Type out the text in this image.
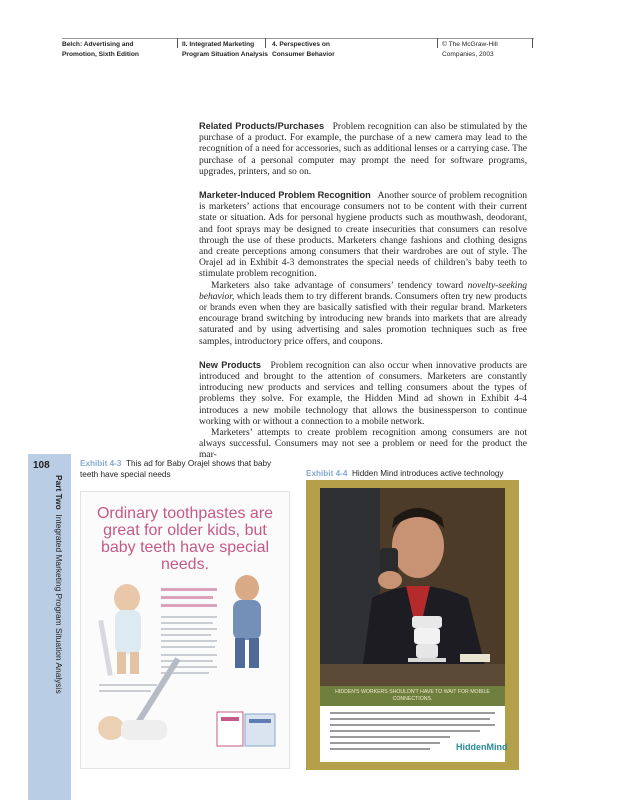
Belch: Advertising and
Promotion, Sixth Edition
II. Integrated Marketing
Program Situation Analysis
4. Perspectives on
Consumer Behavior
© The McGraw-Hill
Companies, 2003

Related Products/Purchases Problem recognition can also be stimulated by the purchase of a product. For example, the purchase of a new camera may lead to the recognition of a need for accessories, such as additional lenses or a carrying case. The purchase of a personal computer may prompt the need for software programs, upgrades, printers, and so on.

Marketer-Induced Problem Recognition Another source of problem recognition is marketers’ actions that encourage consumers not to be content with their current state or situation. Ads for personal hygiene products such as mouthwash, deodorant, and foot sprays may be designed to create insecurities that consumers can resolve through the use of these products. Marketers change fashions and clothing designs and create perceptions among consumers that their wardrobes are out of style. The Orajel ad in Exhibit 4-3 demonstrates the special needs of children’s baby teeth to stimulate problem recognition.

Marketers also take advantage of consumers’ tendency toward novelty-seeking behavior, which leads them to try different brands. Consumers often try new products or brands even when they are basically satisfied with their regular brand. Marketers encourage brand switching by introducing new brands into markets that are already saturated and by using advertising and sales promotion techniques such as free samples, introductory price offers, and coupons.

New Products Problem recognition can also occur when innovative products are introduced and brought to the attention of consumers. Marketers are constantly introducing new products and services and telling consumers about the types of problems they solve. For example, the Hidden Mind ad shown in Exhibit 4-4 introduces a new mobile technology that allows the businessperson to continue working with or without a connection to a mobile network.

Marketers’ attempts to create problem recognition among consumers are not always successful. Consumers may not see a problem or need for the product the mar-

108
Part Two  Integrated Marketing Program Situation Analysis
Exhibit 4-3 This ad for Baby Orajel shows that baby teeth have special needs	Exhibit 4-4 Hidden Mind introduces active technology
Ordinary toothpastes are great for older kids, but baby teeth have special needs.
HIDDEN'S WORKERS SHOULDN'T HAVE TO WAIT FOR MOBILE CONNECTIONS.
HiddenMind
